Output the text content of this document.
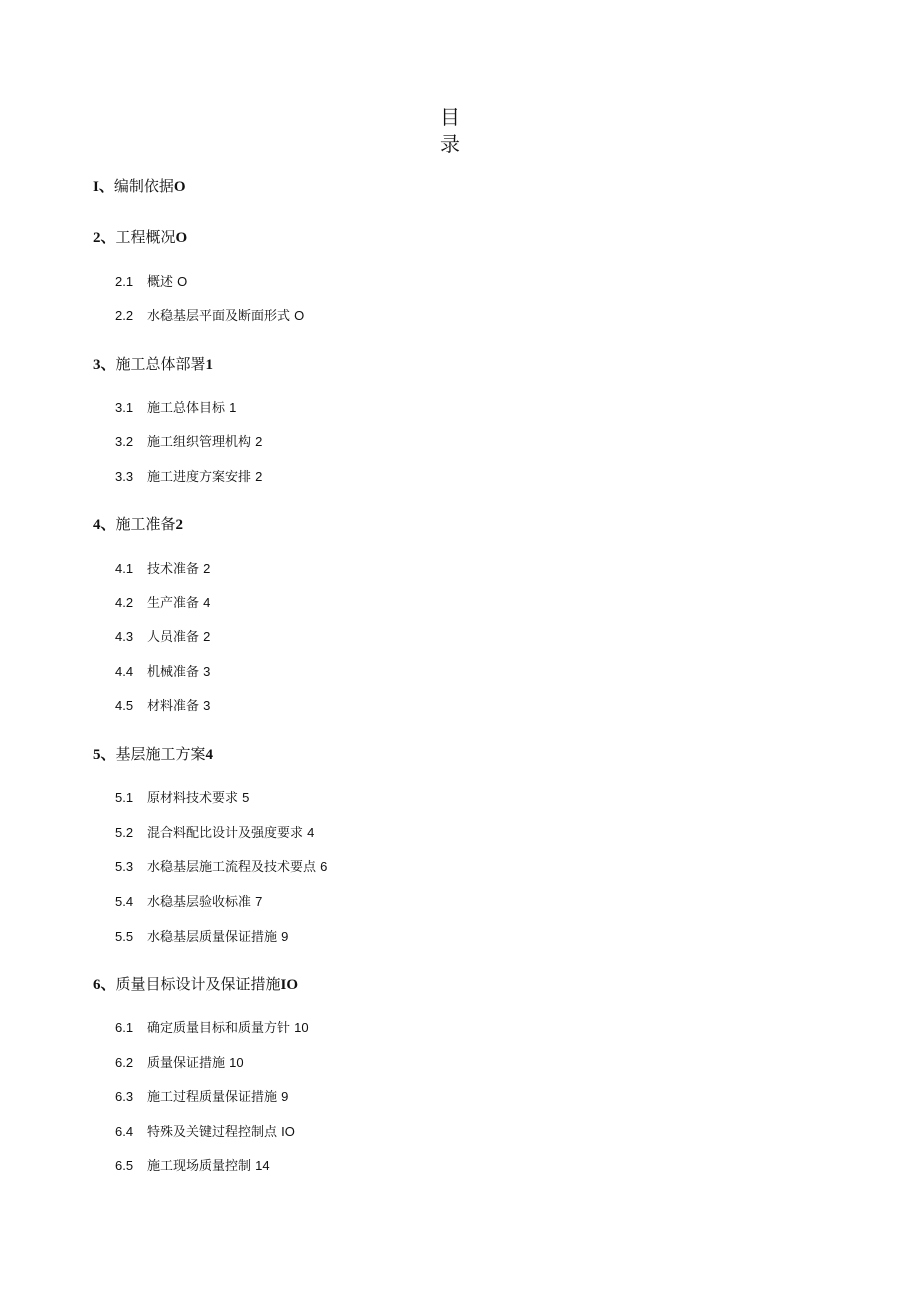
目
录
I、编制依据O
2、工程概况O
2.1 概述 O
2.2 水稳基层平面及断面形式 O
3、施工总体部署1
3.1 施工总体目标 1
3.2 施工组织管理机构 2
3.3 施工进度方案安排 2
4、施工准备2
4.1 技术准备 2
4.2 生产准备 4
4.3 人员准备 2
4.4 机械准备 3
4.5 材料准备 3
5、基层施工方案4
5.1 原材料技术要求 5
5.2 混合料配比设计及强度要求 4
5.3 水稳基层施工流程及技术要点 6
5.4 水稳基层验收标准 7
5.5 水稳基层质量保证措施 9
6、质量目标设计及保证措施IO
6.1 确定质量目标和质量方针 10
6.2 质量保证措施 10
6.3 施工过程质量保证措施 9
6.4 特殊及关键过程控制点 IO
6.5 施工现场质量控制 14
